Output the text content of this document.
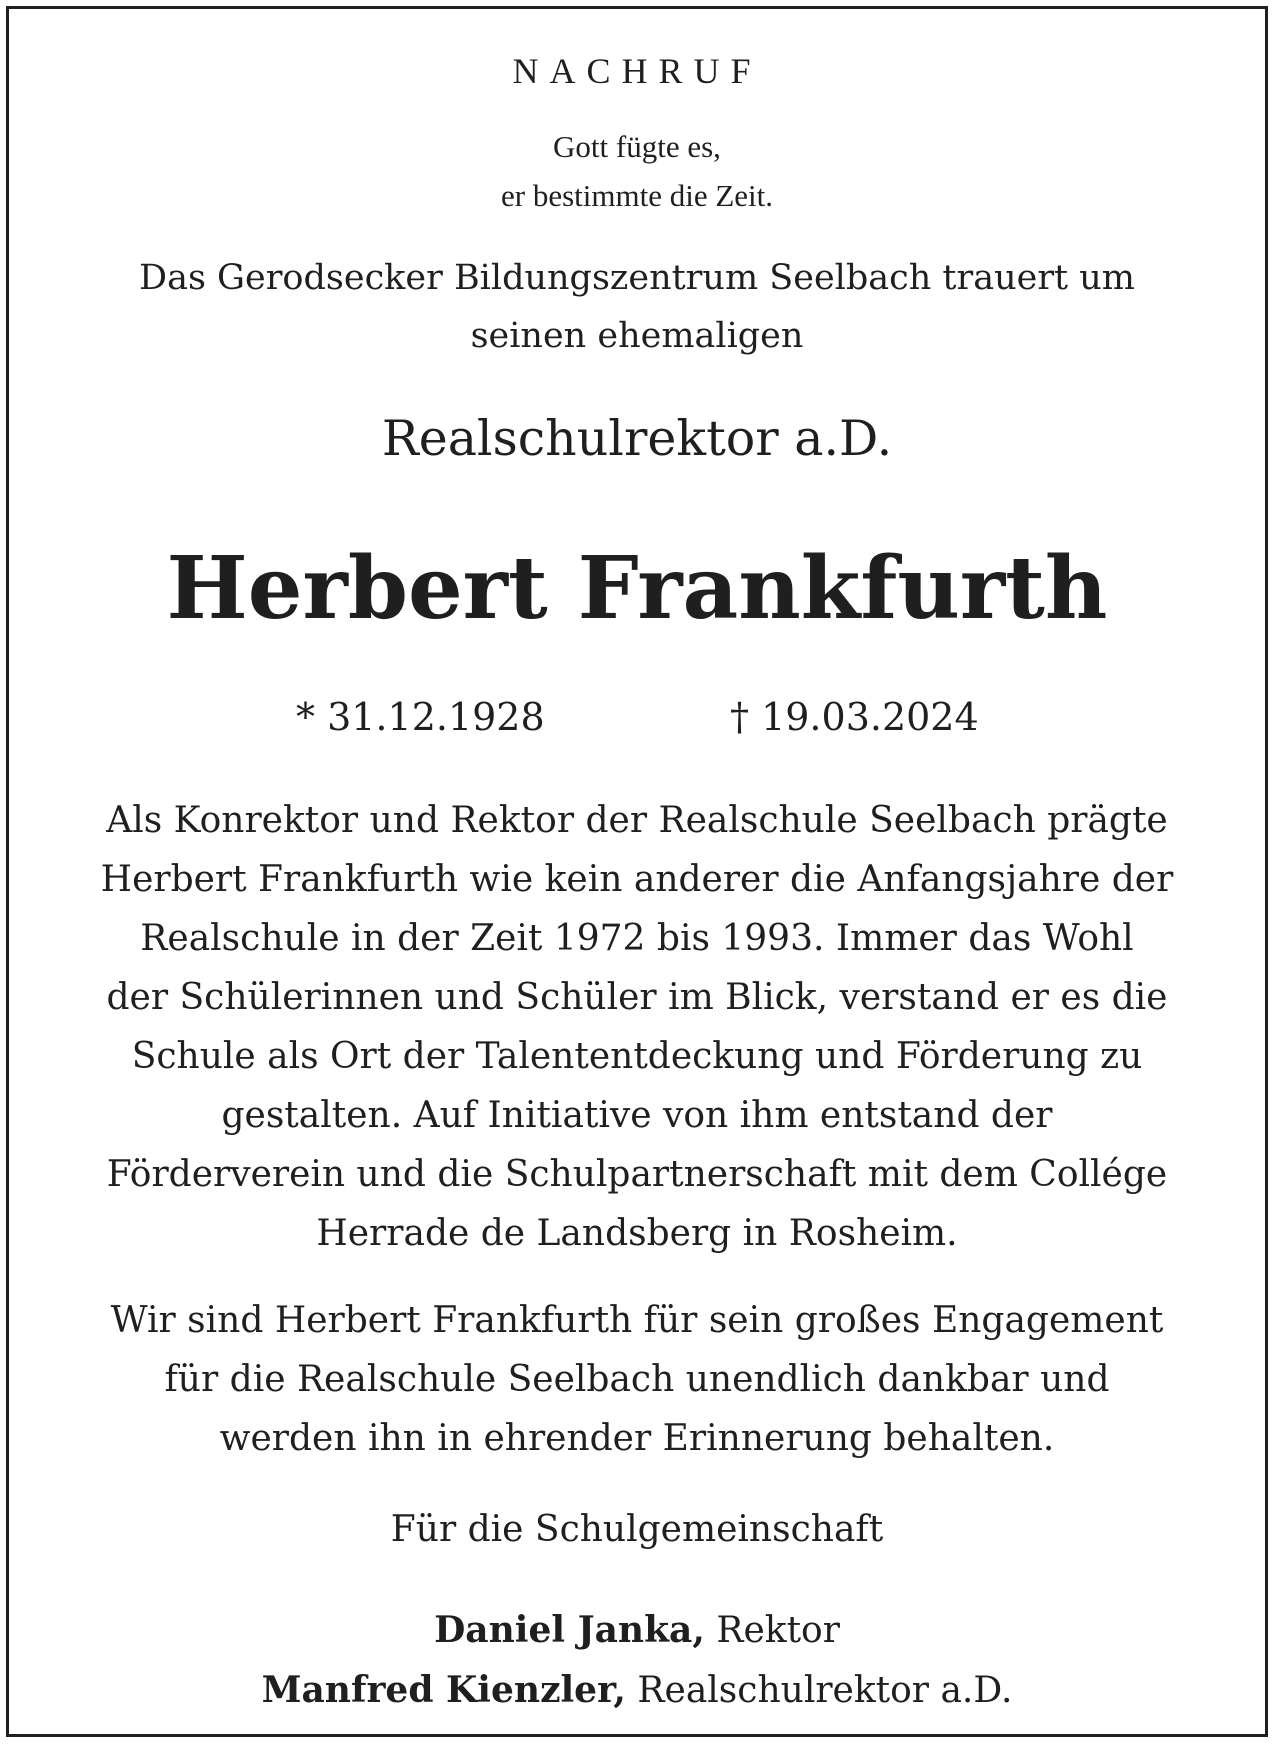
NACHRUF
Gott fügte es,
er bestimmte die Zeit.
Das Gerodsecker Bildungszentrum Seelbach trauert um
seinen ehemaligen
Realschulrektor a.D.
Herbert Frankfurth
* 31.12.1928	† 19.03.2024
Als Konrektor und Rektor der Realschule Seelbach prägte
Herbert Frankfurth wie kein anderer die Anfangsjahre der
Realschule in der Zeit 1972 bis 1993. Immer das Wohl
der Schülerinnen und Schüler im Blick, verstand er es die
Schule als Ort der Talententdeckung und Förderung zu
gestalten. Auf Initiative von ihm entstand der
Förderverein und die Schulpartnerschaft mit dem Collége
Herrade de Landsberg in Rosheim.
Wir sind Herbert Frankfurth für sein großes Engagement
für die Realschule Seelbach unendlich dankbar und
werden ihn in ehrender Erinnerung behalten.
Für die Schulgemeinschaft
Daniel Janka, Rektor
Manfred Kienzler, Realschulrektor a.D.
